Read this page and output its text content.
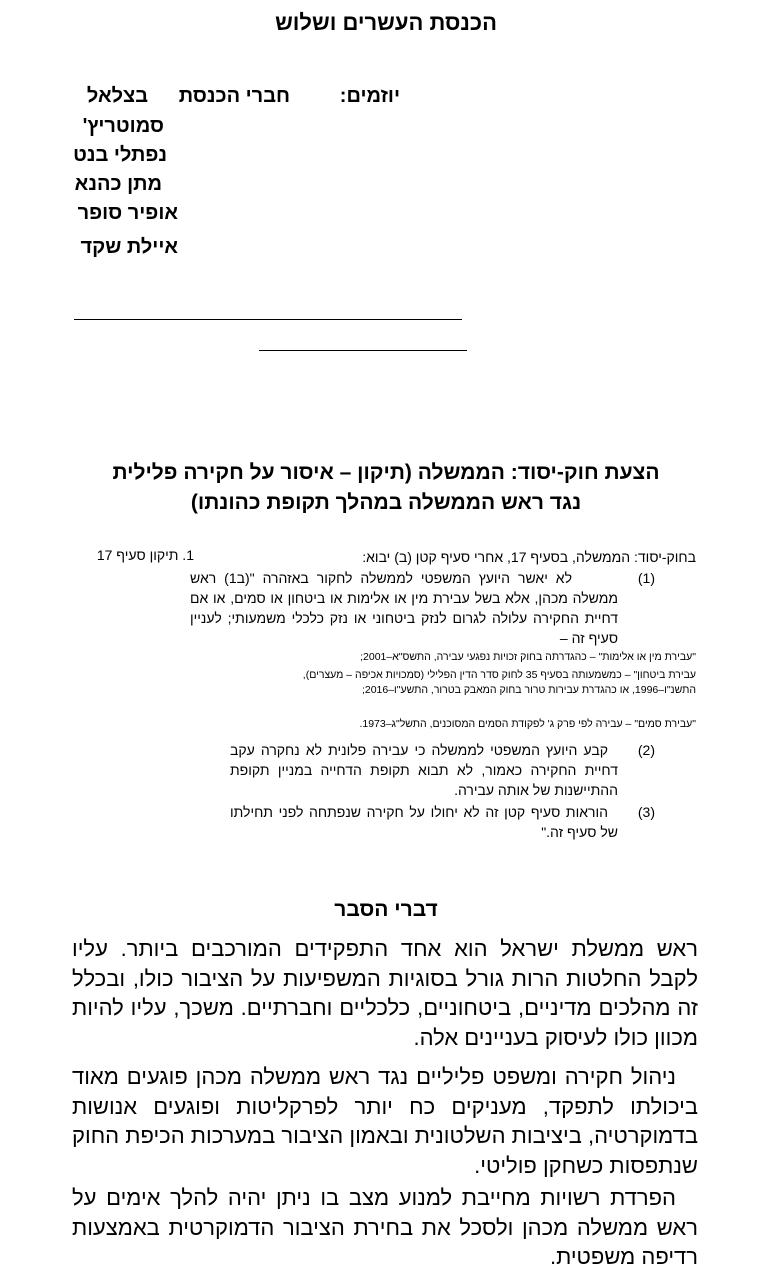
הכנסת העשרים ושלוש
יוזמים:
חברי הכנסת
בצלאל
סמוטריץ'
נפתלי בנט
מתן כהנא
אופיר סופר
איילת שקד
הצעת חוק-יסוד: הממשלה (תיקון – איסור על חקירה פלילית
נגד ראש הממשלה במהלך תקופת כהונתו)
1. תיקון סעיף 17	בחוק-יסוד: הממשלה, בסעיף 17, אחרי סעיף קטן (ב) יבוא:
(1)
לא יאשר היועץ המשפטי לממשלה לחקור באזהרה "(ב1) ראש ממשלה מכהן, אלא בשל עבירת מין או אלימות או ביטחון או סמים, או אם דחיית החקירה עלולה לגרום לנזק ביטחוני או נזק כלכלי משמעותי; לעניין סעיף זה –
"עבירת מין או אלימות" – כהגדרתה בחוק זכויות נפגעי עבירה, התשס"א–2001;
עבירת ביטחון" – כמשמעותה בסעיף 35 לחוק סדר הדין הפלילי (סמכויות אכיפה – מעצרים), התשנ"ו–1996, או כהגדרת עבירות טרור בחוק המאבק בטרור, התשע"ו–2016;
"עבירת סמים" – עבירה לפי פרק ג' לפקודת הסמים המסוכנים, התשל"ג–1973.
(2)
קבע היועץ המשפטי לממשלה כי עבירה פלונית לא נחקרה עקב דחיית החקירה כאמור, לא תבוא תקופת הדחייה במניין תקופת ההתיישנות של אותה עבירה.
(3)
הוראות סעיף קטן זה לא יחולו על חקירה שנפתחה לפני תחילתו של סעיף זה."
דברי הסבר
ראש ממשלת ישראל הוא אחד התפקידים המורכבים ביותר. עליו לקבל החלטות הרות גורל בסוגיות המשפיעות על הציבור כולו, ובכלל זה מהלכים מדיניים, ביטחוניים, כלכליים וחברתיים. משכך, עליו להיות מכוון כולו לעיסוק בעניינים אלה.
ניהול חקירה ומשפט פליליים נגד ראש ממשלה מכהן פוגעים מאוד ביכולתו לתפקד, מעניקים כח יותר לפרקליטות ופוגעים אנושות בדמוקרטיה, ביציבות השלטונית ובאמון הציבור במערכות הכיפת החוק שנתפסות כשחקן פוליטי.
הפרדת רשויות מחייבת למנוע מצב בו ניתן יהיה להלך אימים על ראש ממשלה מכהן ולסכל את בחירת הציבור הדמוקרטית באמצעות רדיפה משפטית.
